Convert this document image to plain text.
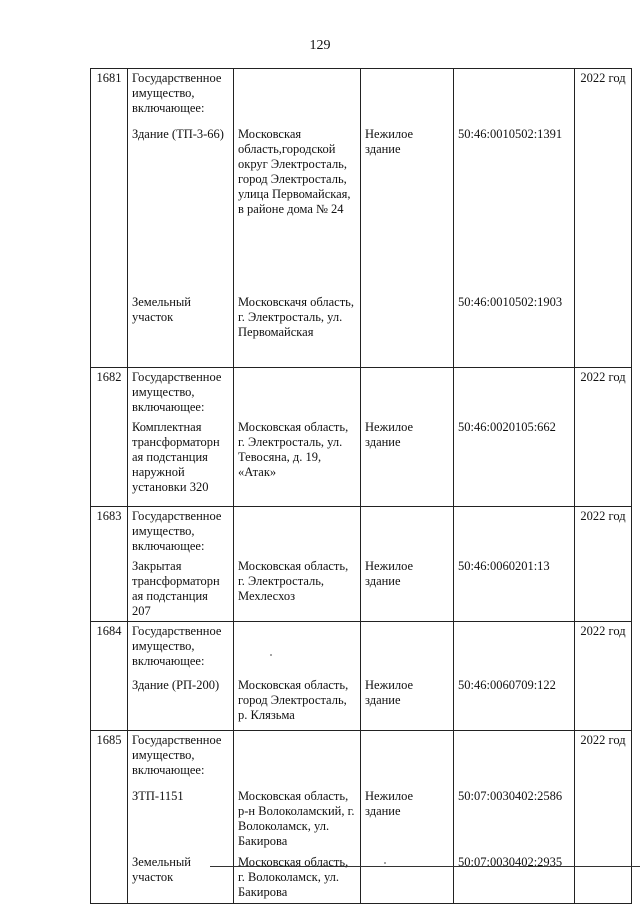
129
1681	Государственное имущество, включающее:				2022 год
	Здание (ТП-3-66)	Московская область,городской округ Электросталь, город Электросталь, улица Первомайская, в районе дома № 24	Нежилое здание	50:46:0010502:1391	
	Земельный участок	Московскачя область, г. Электросталь, ул. Первомайская		50:46:0010502:1903	
1682	Государственное имущество, включающее:				2022 год
	Комплектная трансформаторн ая подстанция наружной установки 320	Московская область, г. Электросталь, ул. Тевосяна, д. 19, «Атак»	Нежилое здание	50:46:0020105:662	
1683	Государственное имущество, включающее:				2022 год
	Закрытая трансформаторн ая подстанция 207	Московская область, г. Электросталь, Мехлесхоз	Нежилое здание	50:46:0060201:13	
1684	Государственное имущество, включающее:				2022 год
	Здание (РП-200)	Московская область, город Электросталь, р. Клязьма	Нежилое здание	50:46:0060709:122	
1685	Государственное имущество, включающее:				2022 год
	ЗТП-1151	Московская область, р-н Волоколамский, г. Волоколамск, ул. Бакирова	Нежилое здание	50:07:0030402:2586	
	Земельный участок	Московская область, г. Волоколамск, ул. Бакирова		50:07:0030402:2935	
